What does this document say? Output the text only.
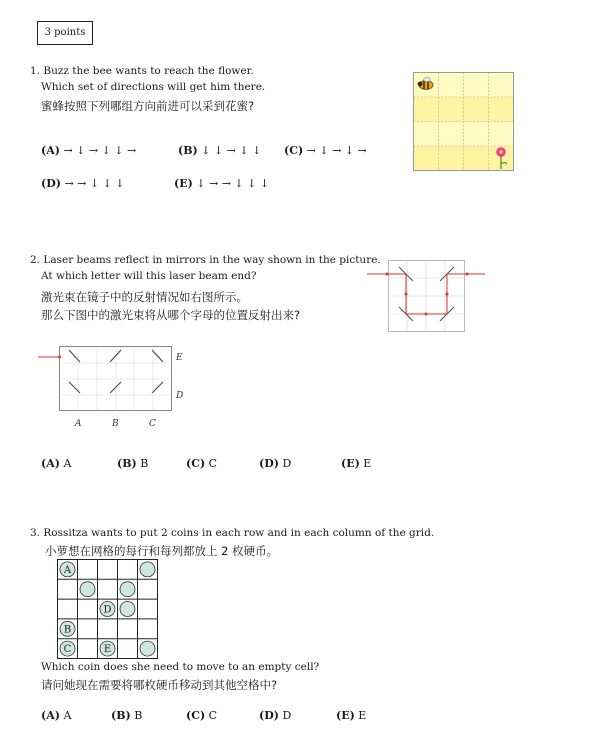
3 points
1. Buzz the bee wants to reach the flower.
Which set of directions will get him there.
蜜蜂按照下列哪组方向前进可以采到花蜜?
(A) → ↓ → ↓ ↓ →	(B) ↓ ↓ → ↓ ↓ (C) → ↓ → ↓ →
(D) → → ↓ ↓ ↓	(E) ↓ → → ↓ ↓ ↓
2. Laser beams reflect in mirrors in the way shown in the picture.
At which letter will this laser beam end?
激光束在镜子中的反射情况如右图所示。
那么下图中的激光束将从哪个字母的位置反射出来?
E
D
A	B	C
(A) A	(B) B	(C) C	(D) D	(E) E
3. Rossitza wants to put 2 coins in each row and in each column of the grid.
小萝想在网格的每行和每列都放上 2 枚硬币。
A
D
B
C	E
Which coin does she need to move to an empty cell?
请问她现在需要将哪枚硬币移动到其他空格中?
(A) A	(B) B	(C) C	(D) D	(E) E
